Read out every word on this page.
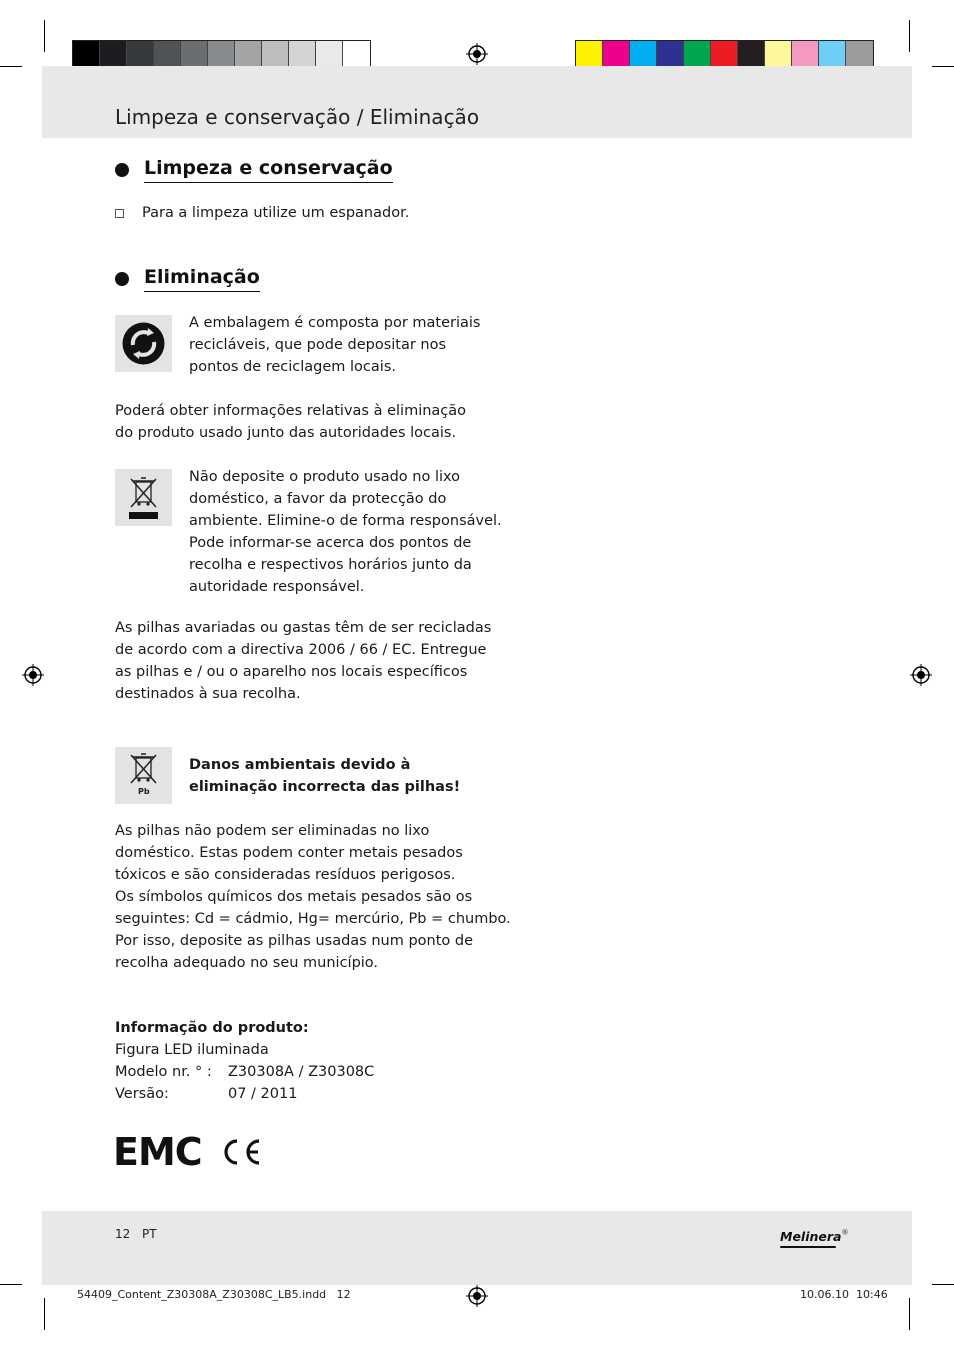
Limpeza e conservação / Eliminação
Limpeza e conservação
Para a limpeza utilize um espanador.
Eliminação
A embalagem é composta por materiais
recicláveis, que pode depositar nos
pontos de reciclagem locais.
Poderá obter informações relativas à eliminação
do produto usado junto das autoridades locais.
Não deposite o produto usado no lixo
doméstico, a favor da protecção do
ambiente. Elimine-o de forma responsável.
Pode informar-se acerca dos pontos de
recolha e respectivos horários junto da
autoridade responsável.
As pilhas avariadas ou gastas têm de ser recicladas
de acordo com a directiva 2006 / 66 / EC. Entregue
as pilhas e / ou o aparelho nos locais específicos
destinados à sua recolha.
Pb
Danos ambientais devido à
eliminação incorrecta das pilhas!
As pilhas não podem ser eliminadas no lixo
doméstico. Estas podem conter metais pesados
tóxicos e são consideradas resíduos perigosos.
Os símbolos químicos dos metais pesados são os
seguintes: Cd = cádmio, Hg= mercúrio, Pb = chumbo.
Por isso, deposite as pilhas usadas num ponto de
recolha adequado no seu município.
Informação do produto:
Figura LED iluminada
Modelo nr. ° : Z30308A / Z30308C
Versão:	07 / 2011
EMC
12 PT	Melinera®
54409_Content_Z30308A_Z30308C_LB5.indd   12	10.06.10 10:46
